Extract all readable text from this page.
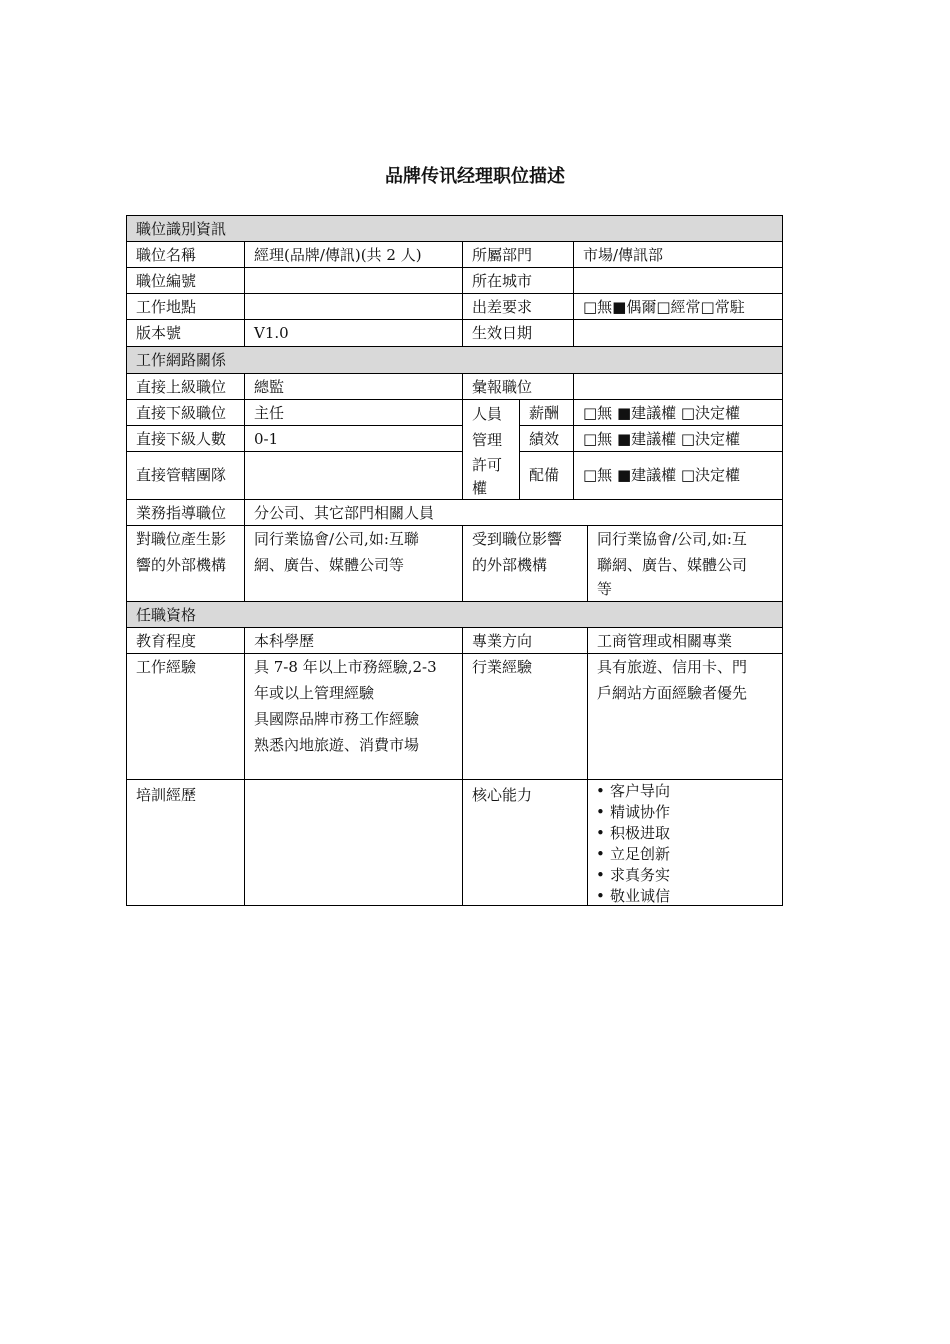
品牌传讯经理职位描述
職位識別資訊
職位名稱	經理(品牌/傳訊)(共 2 人)	所屬部門	市場/傳訊部
職位編號	所在城市
工作地點	出差要求	□無■偶爾□經常□常駐
版本號	V1.0	生效日期
工作網路關係
直接上級職位	總監	彙報職位
直接下級職位	主任
直接下級人數	0-1
直接管轄團隊
人員
管理
許可
權
薪酬	□無 ■建議權 □決定權
績效	□無 ■建議權 □決定權
配備	□無 ■建議權 □決定權
業務指導職位	分公司、其它部門相關人員
對職位產生影
響的外部機構
同行業協會/公司,如:互聯
網、廣告、媒體公司等
受到職位影響
的外部機構
同行業協會/公司,如:互
聯網、廣告、媒體公司
等
任職資格
教育程度	本科學歷	專業方向	工商管理或相關專業
工作經驗	具 7-8 年以上市務經驗,2-3
年或以上管理經驗
具國際品牌市務工作經驗
熟悉內地旅遊、消費市場
行業經驗	具有旅遊、信用卡、門
戶網站方面經驗者優先
培訓經歷	核心能力
•	客户导向
• 精诚协作
• 积极进取
• 立足创新
• 求真务实
• 敬业诚信
